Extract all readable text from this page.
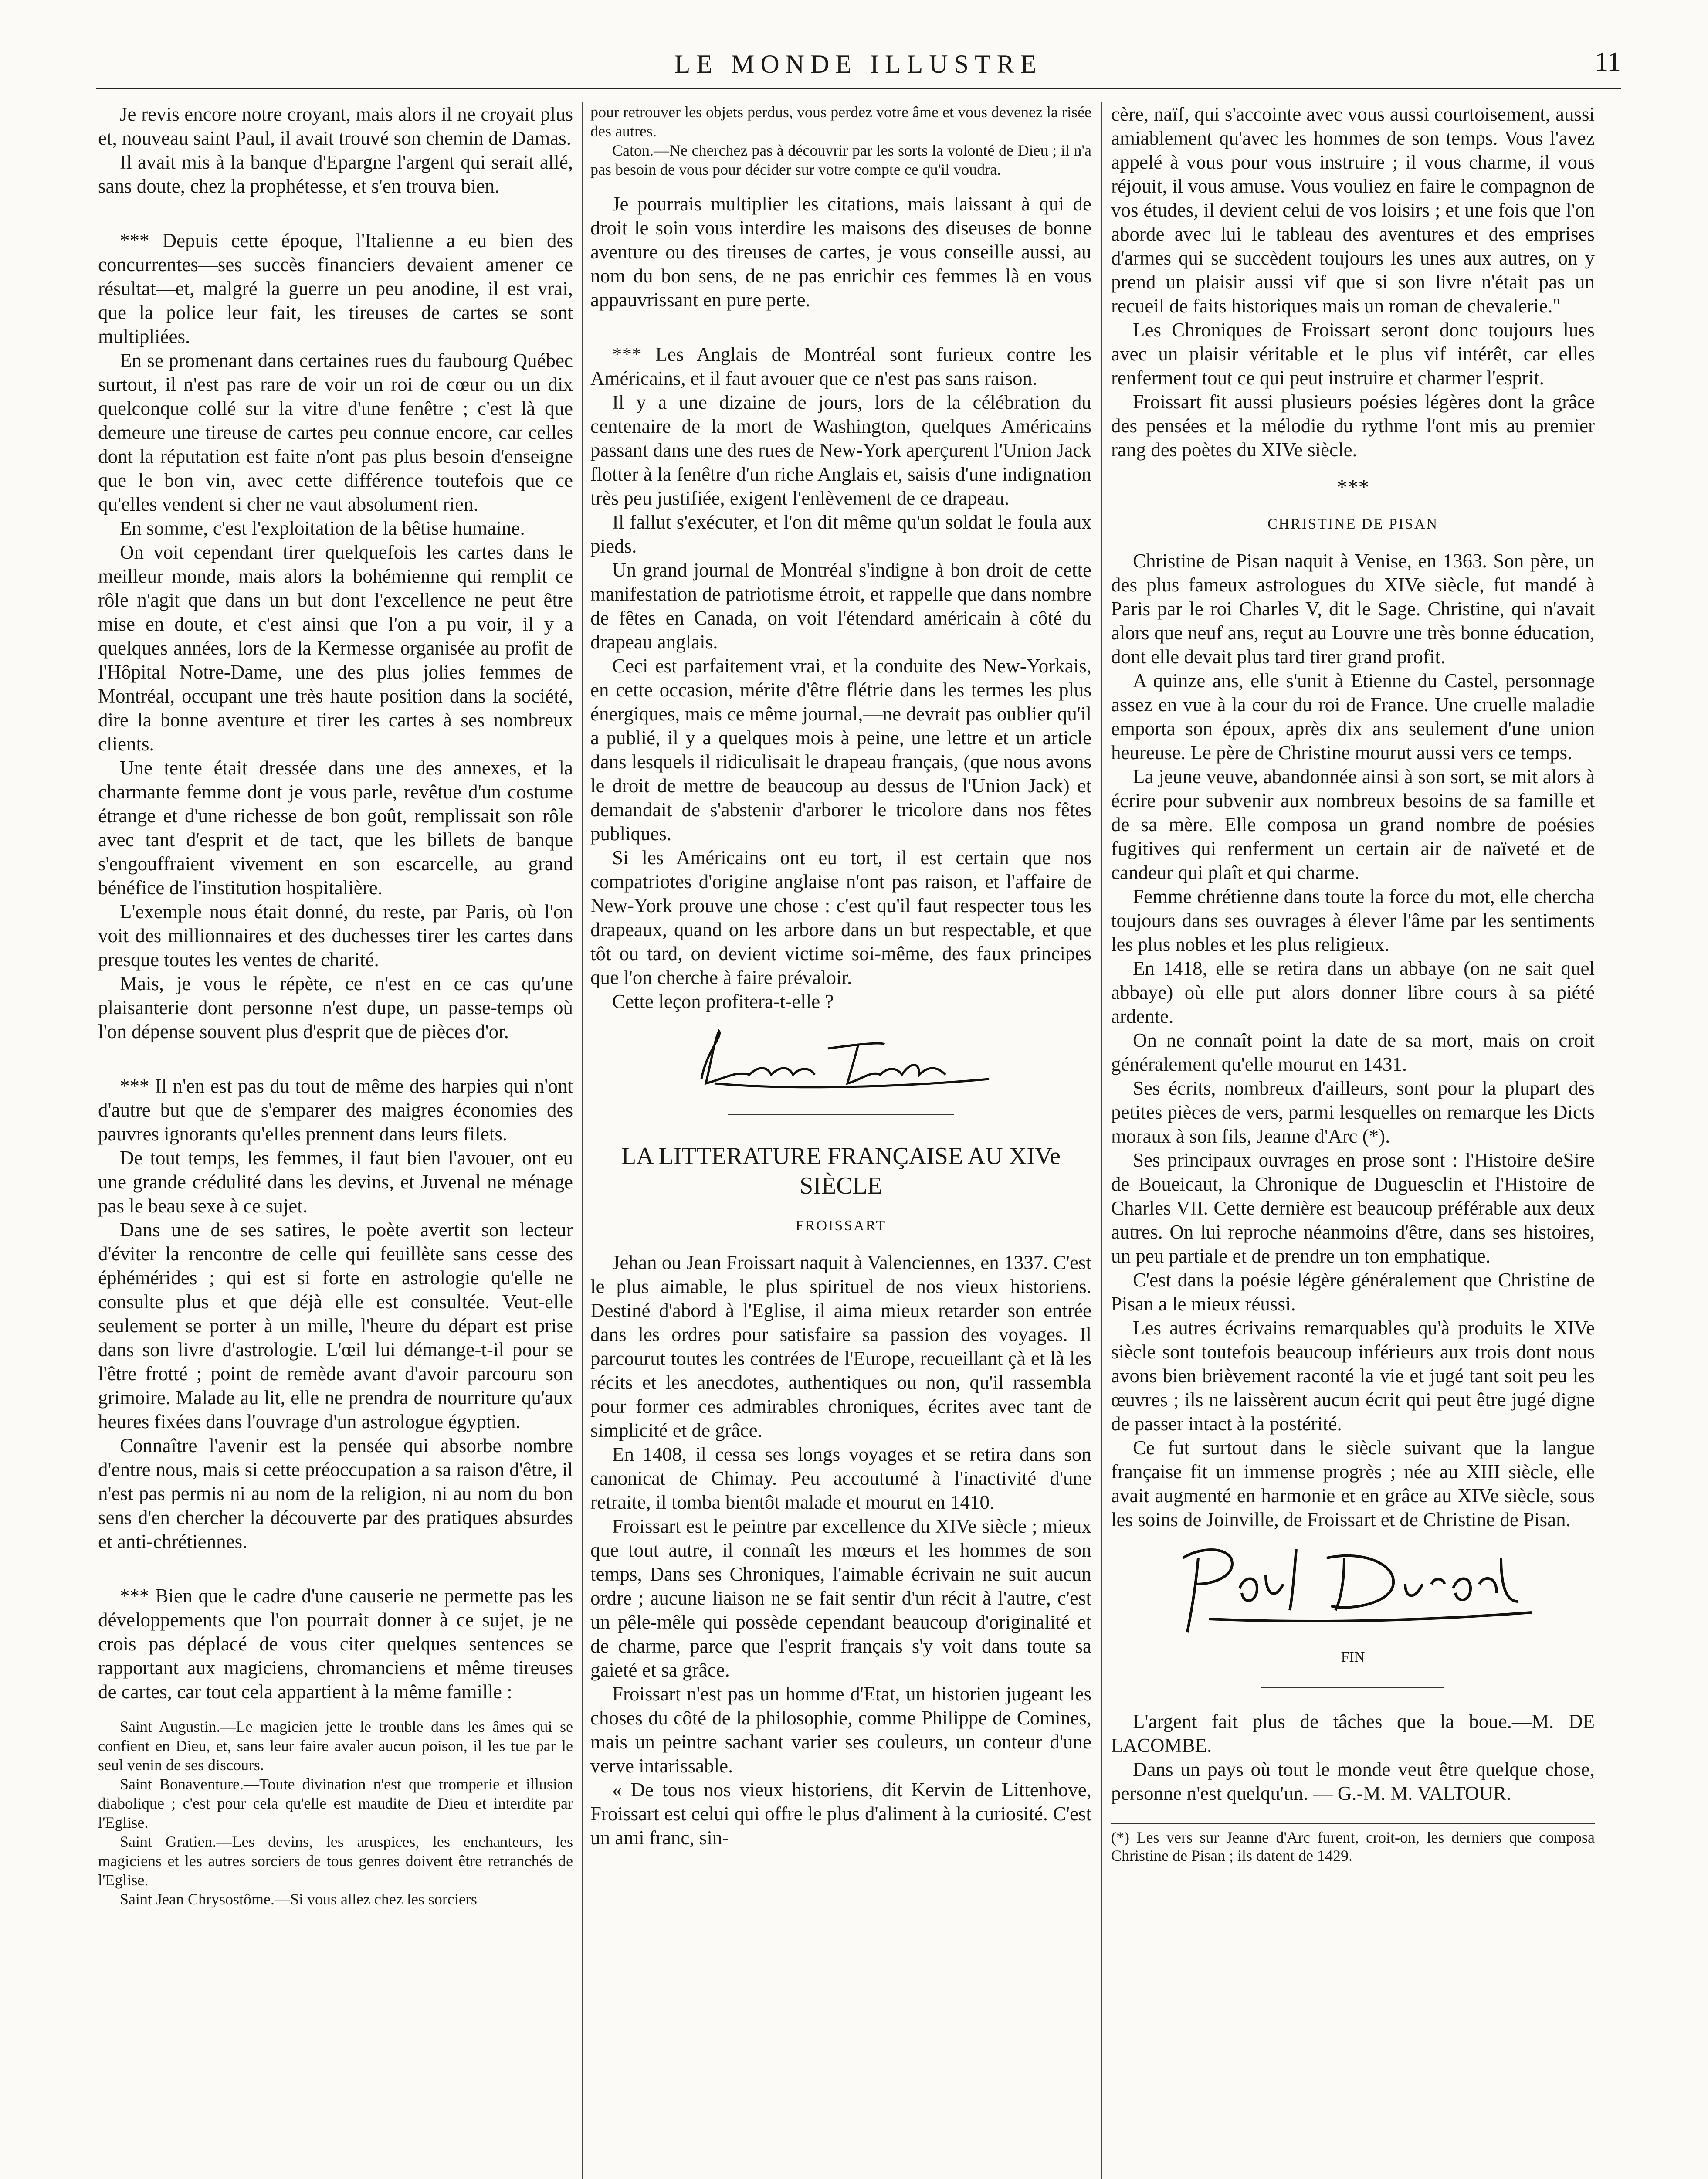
LE MONDE ILLUSTRE	11

Je revis encore notre croyant, mais alors il ne croyait plus et, nouveau saint Paul, il avait trouvé son chemin de Damas.

Il avait mis à la banque d'Epargne l'argent qui serait allé, sans doute, chez la prophétesse, et s'en trouva bien.

*** Depuis cette époque, l'Italienne a eu bien des concurrentes—ses succès financiers devaient amener ce résultat—et, malgré la guerre un peu anodine, il est vrai, que la police leur fait, les tireuses de cartes se sont multipliées.

En se promenant dans certaines rues du faubourg Québec surtout, il n'est pas rare de voir un roi de cœur ou un dix quelconque collé sur la vitre d'une fenêtre ; c'est là que demeure une tireuse de cartes peu connue encore, car celles dont la réputation est faite n'ont pas plus besoin d'enseigne que le bon vin, avec cette différence toutefois que ce qu'elles vendent si cher ne vaut absolument rien.

En somme, c'est l'exploitation de la bêtise humaine.

On voit cependant tirer quelquefois les cartes dans le meilleur monde, mais alors la bohémienne qui remplit ce rôle n'agit que dans un but dont l'excellence ne peut être mise en doute, et c'est ainsi que l'on a pu voir, il y a quelques années, lors de la Kermesse organisée au profit de l'Hôpital Notre-Dame, une des plus jolies femmes de Montréal, occupant une très haute position dans la société, dire la bonne aventure et tirer les cartes à ses nombreux clients.

Une tente était dressée dans une des annexes, et la charmante femme dont je vous parle, revêtue d'un costume étrange et d'une richesse de bon goût, remplissait son rôle avec tant d'esprit et de tact, que les billets de banque s'engouffraient vivement en son escarcelle, au grand bénéfice de l'institution hospitalière.

L'exemple nous était donné, du reste, par Paris, où l'on voit des millionnaires et des duchesses tirer les cartes dans presque toutes les ventes de charité.

Mais, je vous le répète, ce n'est en ce cas qu'une plaisanterie dont personne n'est dupe, un passe-temps où l'on dépense souvent plus d'esprit que de pièces d'or.

*** Il n'en est pas du tout de même des harpies qui n'ont d'autre but que de s'emparer des maigres économies des pauvres ignorants qu'elles prennent dans leurs filets.

De tout temps, les femmes, il faut bien l'avouer, ont eu une grande crédulité dans les devins, et Juvenal ne ménage pas le beau sexe à ce sujet.

Dans une de ses satires, le poète avertit son lecteur d'éviter la rencontre de celle qui feuillète sans cesse des éphémérides ; qui est si forte en astrologie qu'elle ne consulte plus et que déjà elle est consultée. Veut-elle seulement se porter à un mille, l'heure du départ est prise dans son livre d'astrologie. L'œil lui démange-t-il pour se l'être frotté ; point de remède avant d'avoir parcouru son grimoire. Malade au lit, elle ne prendra de nourriture qu'aux heures fixées dans l'ouvrage d'un astrologue égyptien.

Connaître l'avenir est la pensée qui absorbe nombre d'entre nous, mais si cette préoccupation a sa raison d'être, il n'est pas permis ni au nom de la religion, ni au nom du bon sens d'en chercher la découverte par des pratiques absurdes et anti-chrétiennes.

*** Bien que le cadre d'une causerie ne permette pas les développements que l'on pourrait donner à ce sujet, je ne crois pas déplacé de vous citer quelques sentences se rapportant aux magiciens, chromanciens et même tireuses de cartes, car tout cela appartient à la même famille :

Saint Augustin.—Le magicien jette le trouble dans les âmes qui se confient en Dieu, et, sans leur faire avaler aucun poison, il les tue par le seul venin de ses discours.

Saint Bonaventure.—Toute divination n'est que tromperie et illusion diabolique ; c'est pour cela qu'elle est maudite de Dieu et interdite par l'Eglise.

Saint Gratien.—Les devins, les aruspices, les enchanteurs, les magiciens et les autres sorciers de tous genres doivent être retranchés de l'Eglise.

Saint Jean Chrysostôme.—Si vous allez chez les sorciers

pour retrouver les objets perdus, vous perdez votre âme et vous devenez la risée des autres.

Caton.—Ne cherchez pas à découvrir par les sorts la volonté de Dieu ; il n'a pas besoin de vous pour décider sur votre compte ce qu'il voudra.

Je pourrais multiplier les citations, mais laissant à qui de droit le soin vous interdire les maisons des diseuses de bonne aventure ou des tireuses de cartes, je vous conseille aussi, au nom du bon sens, de ne pas enrichir ces femmes là en vous appauvrissant en pure perte.

*** Les Anglais de Montréal sont furieux contre les Américains, et il faut avouer que ce n'est pas sans raison.

Il y a une dizaine de jours, lors de la célébration du centenaire de la mort de Washington, quelques Américains passant dans une des rues de New-York aperçurent l'Union Jack flotter à la fenêtre d'un riche Anglais et, saisis d'une indignation très peu justifiée, exigent l'enlèvement de ce drapeau.

Il fallut s'exécuter, et l'on dit même qu'un soldat le foula aux pieds.

Un grand journal de Montréal s'indigne à bon droit de cette manifestation de patriotisme étroit, et rappelle que dans nombre de fêtes en Canada, on voit l'étendard américain à côté du drapeau anglais.

Ceci est parfaitement vrai, et la conduite des New-Yorkais, en cette occasion, mérite d'être flétrie dans les termes les plus énergiques, mais ce même journal,—ne devrait pas oublier qu'il a publié, il y a quelques mois à peine, une lettre et un article dans lesquels il ridiculisait le drapeau français, (que nous avons le droit de mettre de beaucoup au dessus de l'Union Jack) et demandait de s'abstenir d'arborer le tricolore dans nos fêtes publiques.

Si les Américains ont eu tort, il est certain que nos compatriotes d'origine anglaise n'ont pas raison, et l'affaire de New-York prouve une chose : c'est qu'il faut respecter tous les drapeaux, quand on les arbore dans un but respectable, et que tôt ou tard, on devient victime soi-même, des faux principes que l'on cherche à faire prévaloir.

Cette leçon profitera-t-elle ?

LA LITTERATURE FRANÇAISE AU XIVe SIÈCLE

FROISSART

Jehan ou Jean Froissart naquit à Valenciennes, en 1337. C'est le plus aimable, le plus spirituel de nos vieux historiens. Destiné d'abord à l'Eglise, il aima mieux retarder son entrée dans les ordres pour satisfaire sa passion des voyages. Il parcourut toutes les contrées de l'Europe, recueillant çà et là les récits et les anecdotes, authentiques ou non, qu'il rassembla pour former ces admirables chroniques, écrites avec tant de simplicité et de grâce.

En 1408, il cessa ses longs voyages et se retira dans son canonicat de Chimay. Peu accoutumé à l'inactivité d'une retraite, il tomba bientôt malade et mourut en 1410.

Froissart est le peintre par excellence du XIVe siècle ; mieux que tout autre, il connaît les mœurs et les hommes de son temps, Dans ses Chroniques, l'aimable écrivain ne suit aucun ordre ; aucune liaison ne se fait sentir d'un récit à l'autre, c'est un pêle-mêle qui possède cependant beaucoup d'originalité et de charme, parce que l'esprit français s'y voit dans toute sa gaieté et sa grâce.

Froissart n'est pas un homme d'Etat, un historien jugeant les choses du côté de la philosophie, comme Philippe de Comines, mais un peintre sachant varier ses couleurs, un conteur d'une verve intarissable.

« De tous nos vieux historiens, dit Kervin de Littenhove, Froissart est celui qui offre le plus d'aliment à la curiosité. C'est un ami franc, sin-

cère, naïf, qui s'accointe avec vous aussi courtoisement, aussi amiablement qu'avec les hommes de son temps. Vous l'avez appelé à vous pour vous instruire ; il vous charme, il vous réjouit, il vous amuse. Vous vouliez en faire le compagnon de vos études, il devient celui de vos loisirs ; et une fois que l'on aborde avec lui le tableau des aventures et des emprises d'armes qui se succèdent toujours les unes aux autres, on y prend un plaisir aussi vif que si son livre n'était pas un recueil de faits historiques mais un roman de chevalerie."

Les Chroniques de Froissart seront donc toujours lues avec un plaisir véritable et le plus vif intérêt, car elles renferment tout ce qui peut instruire et charmer l'esprit.

Froissart fit aussi plusieurs poésies légères dont la grâce des pensées et la mélodie du rythme l'ont mis au premier rang des poètes du XIVe siècle.

***

CHRISTINE DE PISAN

Christine de Pisan naquit à Venise, en 1363. Son père, un des plus fameux astrologues du XIVe siècle, fut mandé à Paris par le roi Charles V, dit le Sage. Christine, qui n'avait alors que neuf ans, reçut au Louvre une très bonne éducation, dont elle devait plus tard tirer grand profit.

A quinze ans, elle s'unit à Etienne du Castel, personnage assez en vue à la cour du roi de France. Une cruelle maladie emporta son époux, après dix ans seulement d'une union heureuse. Le père de Christine mourut aussi vers ce temps.

La jeune veuve, abandonnée ainsi à son sort, se mit alors à écrire pour subvenir aux nombreux besoins de sa famille et de sa mère. Elle composa un grand nombre de poésies fugitives qui renferment un certain air de naïveté et de candeur qui plaît et qui charme.

Femme chrétienne dans toute la force du mot, elle chercha toujours dans ses ouvrages à élever l'âme par les sentiments les plus nobles et les plus religieux.

En 1418, elle se retira dans un abbaye (on ne sait quel abbaye) où elle put alors donner libre cours à sa piété ardente.

On ne connaît point la date de sa mort, mais on croit généralement qu'elle mourut en 1431.

Ses écrits, nombreux d'ailleurs, sont pour la plupart des petites pièces de vers, parmi lesquelles on remarque les Dicts moraux à son fils, Jeanne d'Arc (*).

Ses principaux ouvrages en prose sont : l'Histoire deSire de Boueicaut, la Chronique de Duguesclin et l'Histoire de Charles VII. Cette dernière est beaucoup préférable aux deux autres. On lui reproche néanmoins d'être, dans ses histoires, un peu partiale et de prendre un ton emphatique.

C'est dans la poésie légère généralement que Christine de Pisan a le mieux réussi.

Les autres écrivains remarquables qu'à produits le XIVe siècle sont toutefois beaucoup inférieurs aux trois dont nous avons bien brièvement raconté la vie et jugé tant soit peu les œuvres ; ils ne laissèrent aucun écrit qui peut être jugé digne de passer intact à la postérité.

Ce fut surtout dans le siècle suivant que la langue française fit un immense progrès ; née au XIII siècle, elle avait augmenté en harmonie et en grâce au XIVe siècle, sous les soins de Joinville, de Froissart et de Christine de Pisan.

FIN

L'argent fait plus de tâches que la boue.—M. DE LACOMBE.

Dans un pays où tout le monde veut être quelque chose, personne n'est quelqu'un. — G.-M. M. VALTOUR.

(*) Les vers sur Jeanne d'Arc furent, croit-on, les derniers que composa Christine de Pisan ; ils datent de 1429.
